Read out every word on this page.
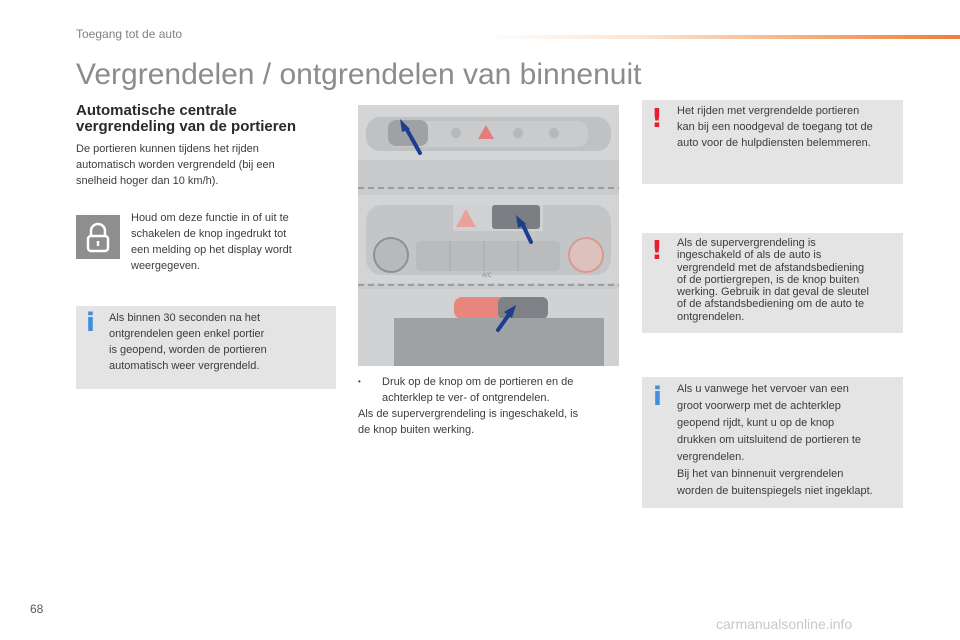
Toegang tot de auto
Vergrendelen / ontgrendelen van binnenuit
Automatische centrale
vergrendeling van de portieren
De portieren kunnen tijdens het rijden
automatisch worden vergrendeld (bij een
snelheid hoger dan 10 km/h).
Houd om deze functie in of uit te
schakelen de knop ingedrukt tot
een melding op het display wordt
weergegeven.
i Als binnen 30 seconden na het
ontgrendelen geen enkel portier
is geopend, worden de portieren
automatisch weer vergrendeld.
A/C
•	Druk op de knop om de portieren en de
achterklep te ver- of ontgrendelen.
Als de supervergrendeling is ingeschakeld, is
de knop buiten werking.
! Het rijden met vergrendelde portieren
kan bij een noodgeval de toegang tot de
auto voor de hulpdiensten belemmeren.
! Als de supervergrendeling is
ingeschakeld of als de auto is
vergrendeld met de afstandsbediening
of de portiergrepen, is de knop buiten
werking. Gebruik in dat geval de sleutel
of de afstandsbediening om de auto te
ontgrendelen.
i Als u vanwege het vervoer van een
groot voorwerp met de achterklep
geopend rijdt, kunt u op de knop
drukken om uitsluitend de portieren te
vergrendelen.
Bij het van binnenuit vergrendelen
worden de buitenspiegels niet ingeklapt.
68
carmanualsonline.info
